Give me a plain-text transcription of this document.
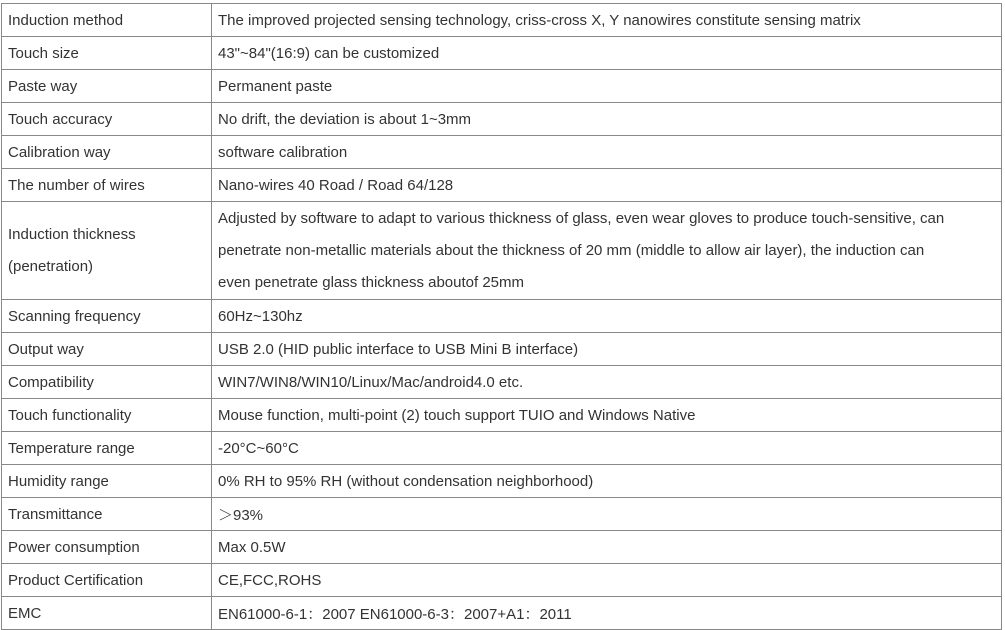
Induction method	The improved projected sensing technology, criss-cross X, Y nanowires constitute sensing matrix
Touch size	43"~84"(16:9) can be customized
Paste way	Permanent paste
Touch accuracy	No drift, the deviation is about 1~3mm
Calibration way	software calibration
The number of wires	Nano-wires 40 Road / Road 64/128

Induction thickness
(penetration)	Adjusted by software to adapt to various thickness of glass, even wear gloves to produce touch-sensitive, can
penetrate non-metallic materials about the thickness of 20 mm (middle to allow air layer), the induction can
even penetrate glass thickness aboutof 25mm

Scanning frequency	60Hz~130hz
Output way	USB 2.0 (HID public interface to USB Mini B interface)
Compatibility	WIN7/WIN8/WIN10/Linux/Mac/android4.0 etc.
Touch functionality	Mouse function, multi-point (2) touch support TUIO and Windows Native
Temperature range	-20°C~60°C
Humidity range	0% RH to 95% RH (without condensation neighborhood)
Transmittance	＞93%
Power consumption	Max 0.5W
Product Certification	CE,FCC,ROHS
EMC	EN61000-6-1：2007 EN61000-6-3：2007+A1：2011
